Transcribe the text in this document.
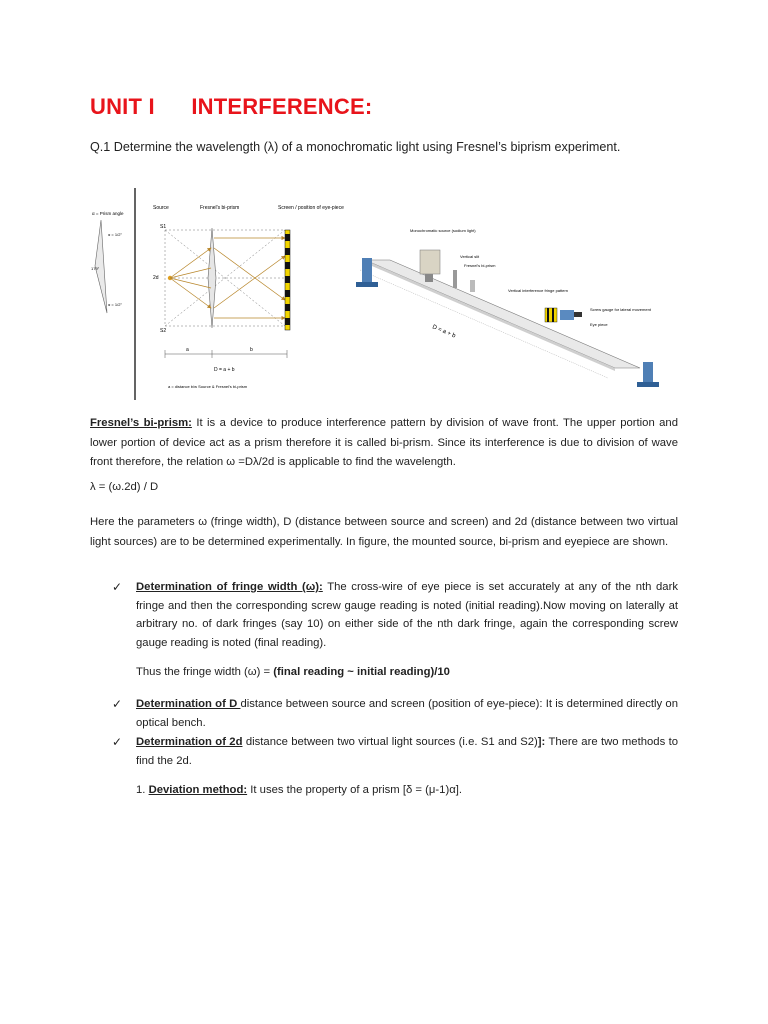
UNIT I INTERFERENCE:
Q.1 Determine the wavelength (λ) of a monochromatic light using Fresnel’s biprism experiment.
α = Prism angle
α = 1/2°
179°
α = 1/2°
Source	Fresnel's bi-prism	Screen / position of eye-piece
S1
S2
2d
a	b
D = a + b
a = distance b/w Source & Fresnel's bi-prism
Monochromatic source (sodium light)
Vertical slit
Fresnel's bi-prism
Vertical interference fringe pattern
Screw gauge for lateral movement
Eye piece
D = a + b
Fresnel’s bi-prism: It is a device to produce interference pattern by division of wave front. The upper portion and lower portion of device act as a prism therefore it is called bi-prism. Since its interference is due to division of wave front therefore, the relation ω =Dλ/2d is applicable to find the wavelength.
λ = (ω.2d) / D
Here the parameters ω (fringe width), D (distance between source and screen) and 2d (distance between two virtual light sources) are to be determined experimentally. In figure, the mounted source, bi-prism and eyepiece are shown.
✓ Determination of fringe width (ω): The cross-wire of eye piece is set accurately at any of the nth dark fringe and then the corresponding screw gauge reading is noted (initial reading).Now moving on laterally at arbitrary no. of dark fringes (say 10) on either side of the nth dark fringe, again the corresponding screw gauge reading is noted (final reading).
Thus the fringe width (ω) = (final reading ~ initial reading)/10
✓ Determination of D distance between source and screen (position of eye-piece): It is determined directly on optical bench.
✓ Determination of 2d distance between two virtual light sources (i.e. S1 and S2)]: There are two methods to find the 2d.
1. Deviation method: It uses the property of a prism [δ = (μ-1)α].
